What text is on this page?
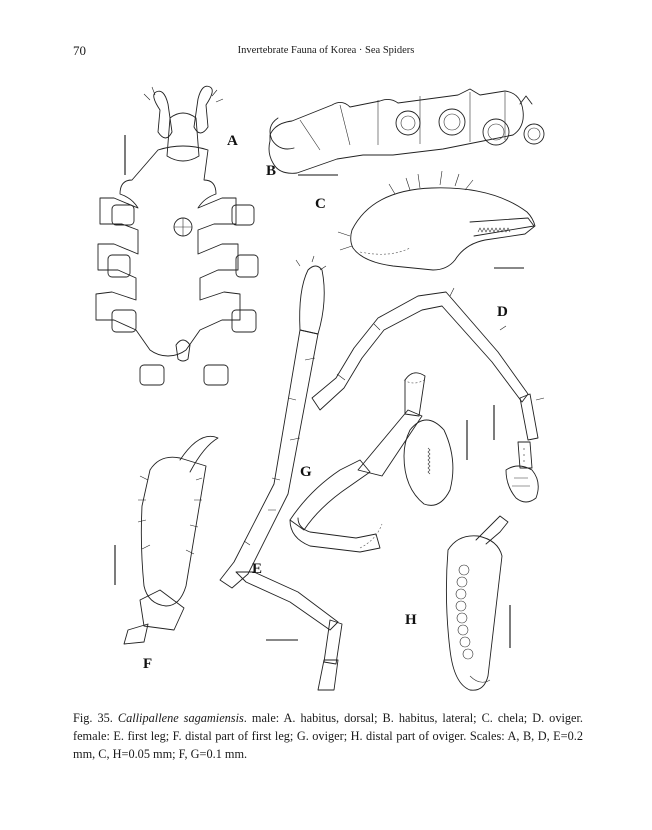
70	Invertebrate Fauna of Korea · Sea Spiders
A
B
C
D
E
F
G
H
Fig. 35. Callipallene sagamiensis. male: A. habitus, dorsal; B. habitus, lateral; C. chela; D. oviger. female: E. first leg; F. distal part of first leg; G. oviger; H. distal part of oviger. Scales: A, B, D, E=0.2 mm, C, H=0.05 mm; F, G=0.1 mm.
